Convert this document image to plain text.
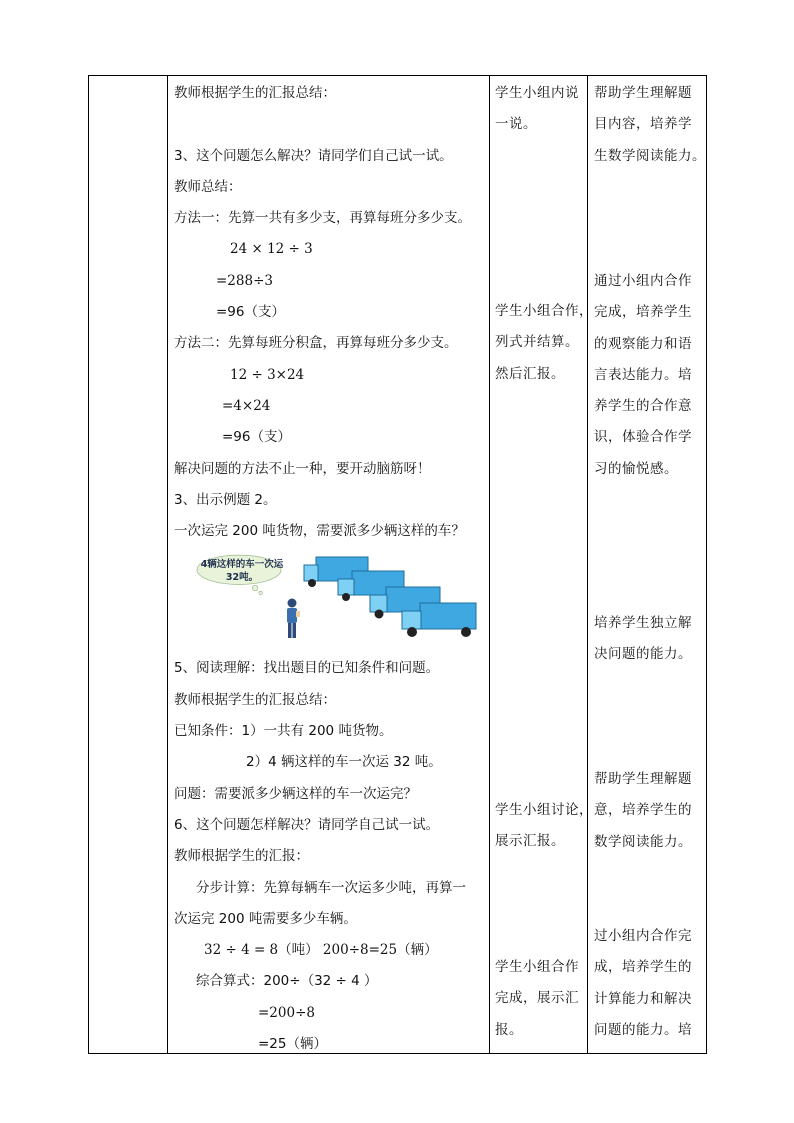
教师根据学生的汇报总结：
3、这个问题怎么解决？请同学们自己试一试。
教师总结：
方法一：先算一共有多少支，再算每班分多少支。
24 × 12 ÷ 3
=288÷3
=96（支）
方法二：先算每班分积盒，再算每班分多少支。
12 ÷ 3×24
=4×24
=96（支）
解决问题的方法不止一种，要开动脑筋呀！
3、出示例题 2。
一次运完 200 吨货物，需要派多少辆这样的车？
4辆这样的车一次运32吨。
5、阅读理解：找出题目的已知条件和问题。
教师根据学生的汇报总结：
已知条件：1）一共有 200 吨货物。
2）4 辆这样的车一次运 32 吨。
问题：需要派多少辆这样的车一次运完？
6、这个问题怎样解决？请同学自己试一试。
教师根据学生的汇报：
分步计算：先算每辆车一次运多少吨，再算一
次运完 200 吨需要多少车辆。
32 ÷ 4 = 8（吨） 200÷8=25（辆）
综合算式：200÷（32 ÷ 4 ）
=200÷8
=25（辆）
学生小组内说
一说。
学生小组合作，
列式并结算。
然后汇报。
学生小组讨论，
展示汇报。
学生小组合作
完成，展示汇
报。
帮助学生理解题
目内容，培养学
生数学阅读能力。
通过小组内合作
完成，培养学生
的观察能力和语
言表达能力。培
养学生的合作意
识，体验合作学
习的愉悦感。
培养学生独立解
决问题的能力。
帮助学生理解题
意，培养学生的
数学阅读能力。
过小组内合作完
成，培养学生的
计算能力和解决
问题的能力。培
